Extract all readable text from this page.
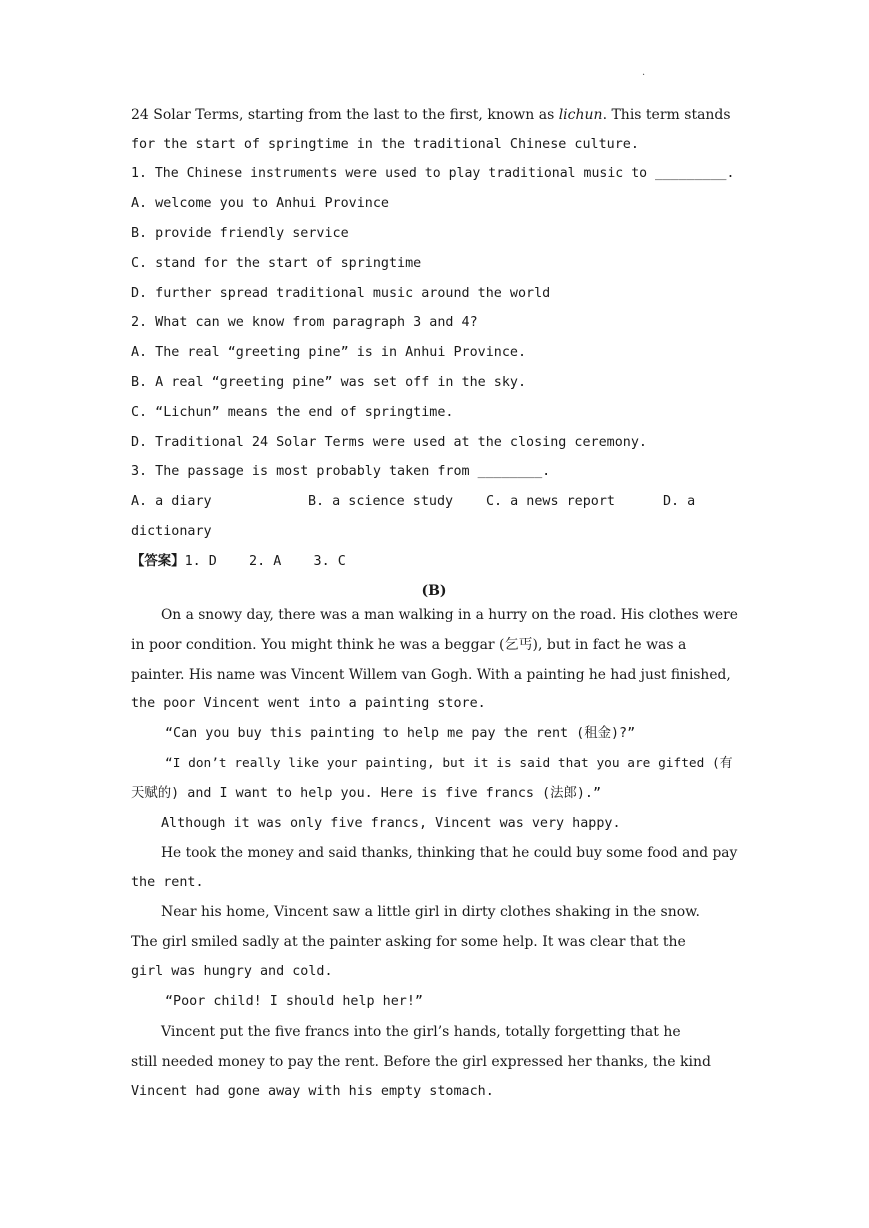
·
24 Solar Terms, starting from the last to the first, known as lichun. This term stands
for the start of springtime in the traditional Chinese culture.
1. The Chinese instruments were used to play traditional music to _________.
A. welcome you to Anhui Province
B. provide friendly service
C. stand for the start of springtime
D. further spread traditional music around the world
2. What can we know from paragraph 3 and 4?
A. The real “greeting pine” is in Anhui Province.
B. A real “greeting pine” was set off in the sky.
C. “Lichun” means the end of springtime.
D. Traditional 24 Solar Terms were used at the closing ceremony.
3. The passage is most probably taken from ________.
A. a diary	B. a science study C. a news report	D. a
dictionary
【答案】1. D    2. A    3. C
(B)
On a snowy day, there was a man walking in a hurry on the road. His clothes were
in poor condition. You might think he was a beggar (乞丐), but in fact he was a
painter. His name was Vincent Willem van Gogh. With a painting he had just finished,
the poor Vincent went into a painting store.
“Can you buy this painting to help me pay the rent (租金)?”
“I don’t really like your painting, but it is said that you are gifted (有
天赋的) and I want to help you. Here is five francs (法郎).”
Although it was only five francs, Vincent was very happy.
He took the money and said thanks, thinking that he could buy some food and pay
the rent.
Near his home, Vincent saw a little girl in dirty clothes shaking in the snow.
The girl smiled sadly at the painter asking for some help. It was clear that the
girl was hungry and cold.
“Poor child! I should help her!”
Vincent put the five francs into the girl’s hands, totally forgetting that he
still needed money to pay the rent. Before the girl expressed her thanks, the kind
Vincent had gone away with his empty stomach.
